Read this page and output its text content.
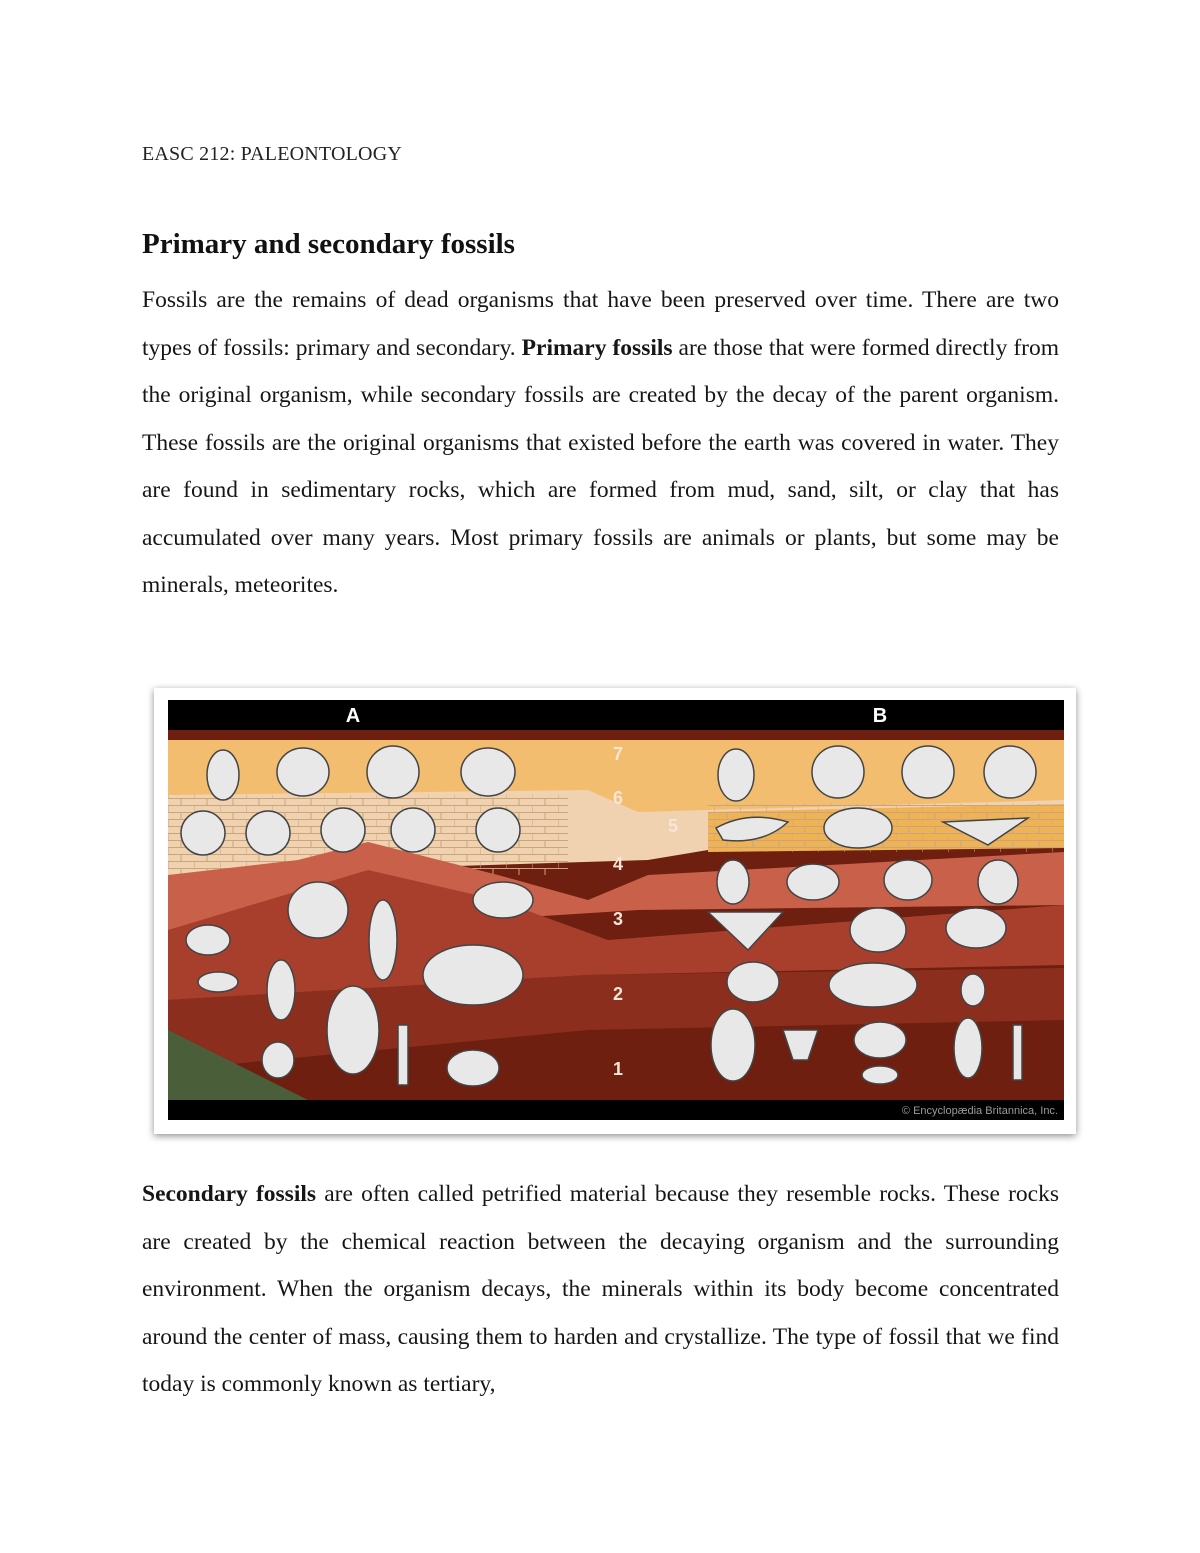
EASC 212: PALEONTOLOGY
Primary and secondary fossils

Fossils are the remains of dead organisms that have been preserved over time. There are two types of fossils: primary and secondary. Primary fossils are those that were formed directly from the original organism, while secondary fossils are created by the decay of the parent organism. These fossils are the original organisms that existed before the earth was covered in water. They are found in sedimentary rocks, which are formed from mud, sand, silt, or clay that has accumulated over many years. Most primary fossils are animals or plants, but some may be minerals, meteorites.

A	B
7
6
5
4
3
2
1
© Encyclopædia Britannica, Inc.

Secondary fossils are often called petrified material because they resemble rocks. These rocks are created by the chemical reaction between the decaying organism and the surrounding environment. When the organism decays, the minerals within its body become concentrated around the center of mass, causing them to harden and crystallize. The type of fossil that we find today is commonly known as tertiary,
